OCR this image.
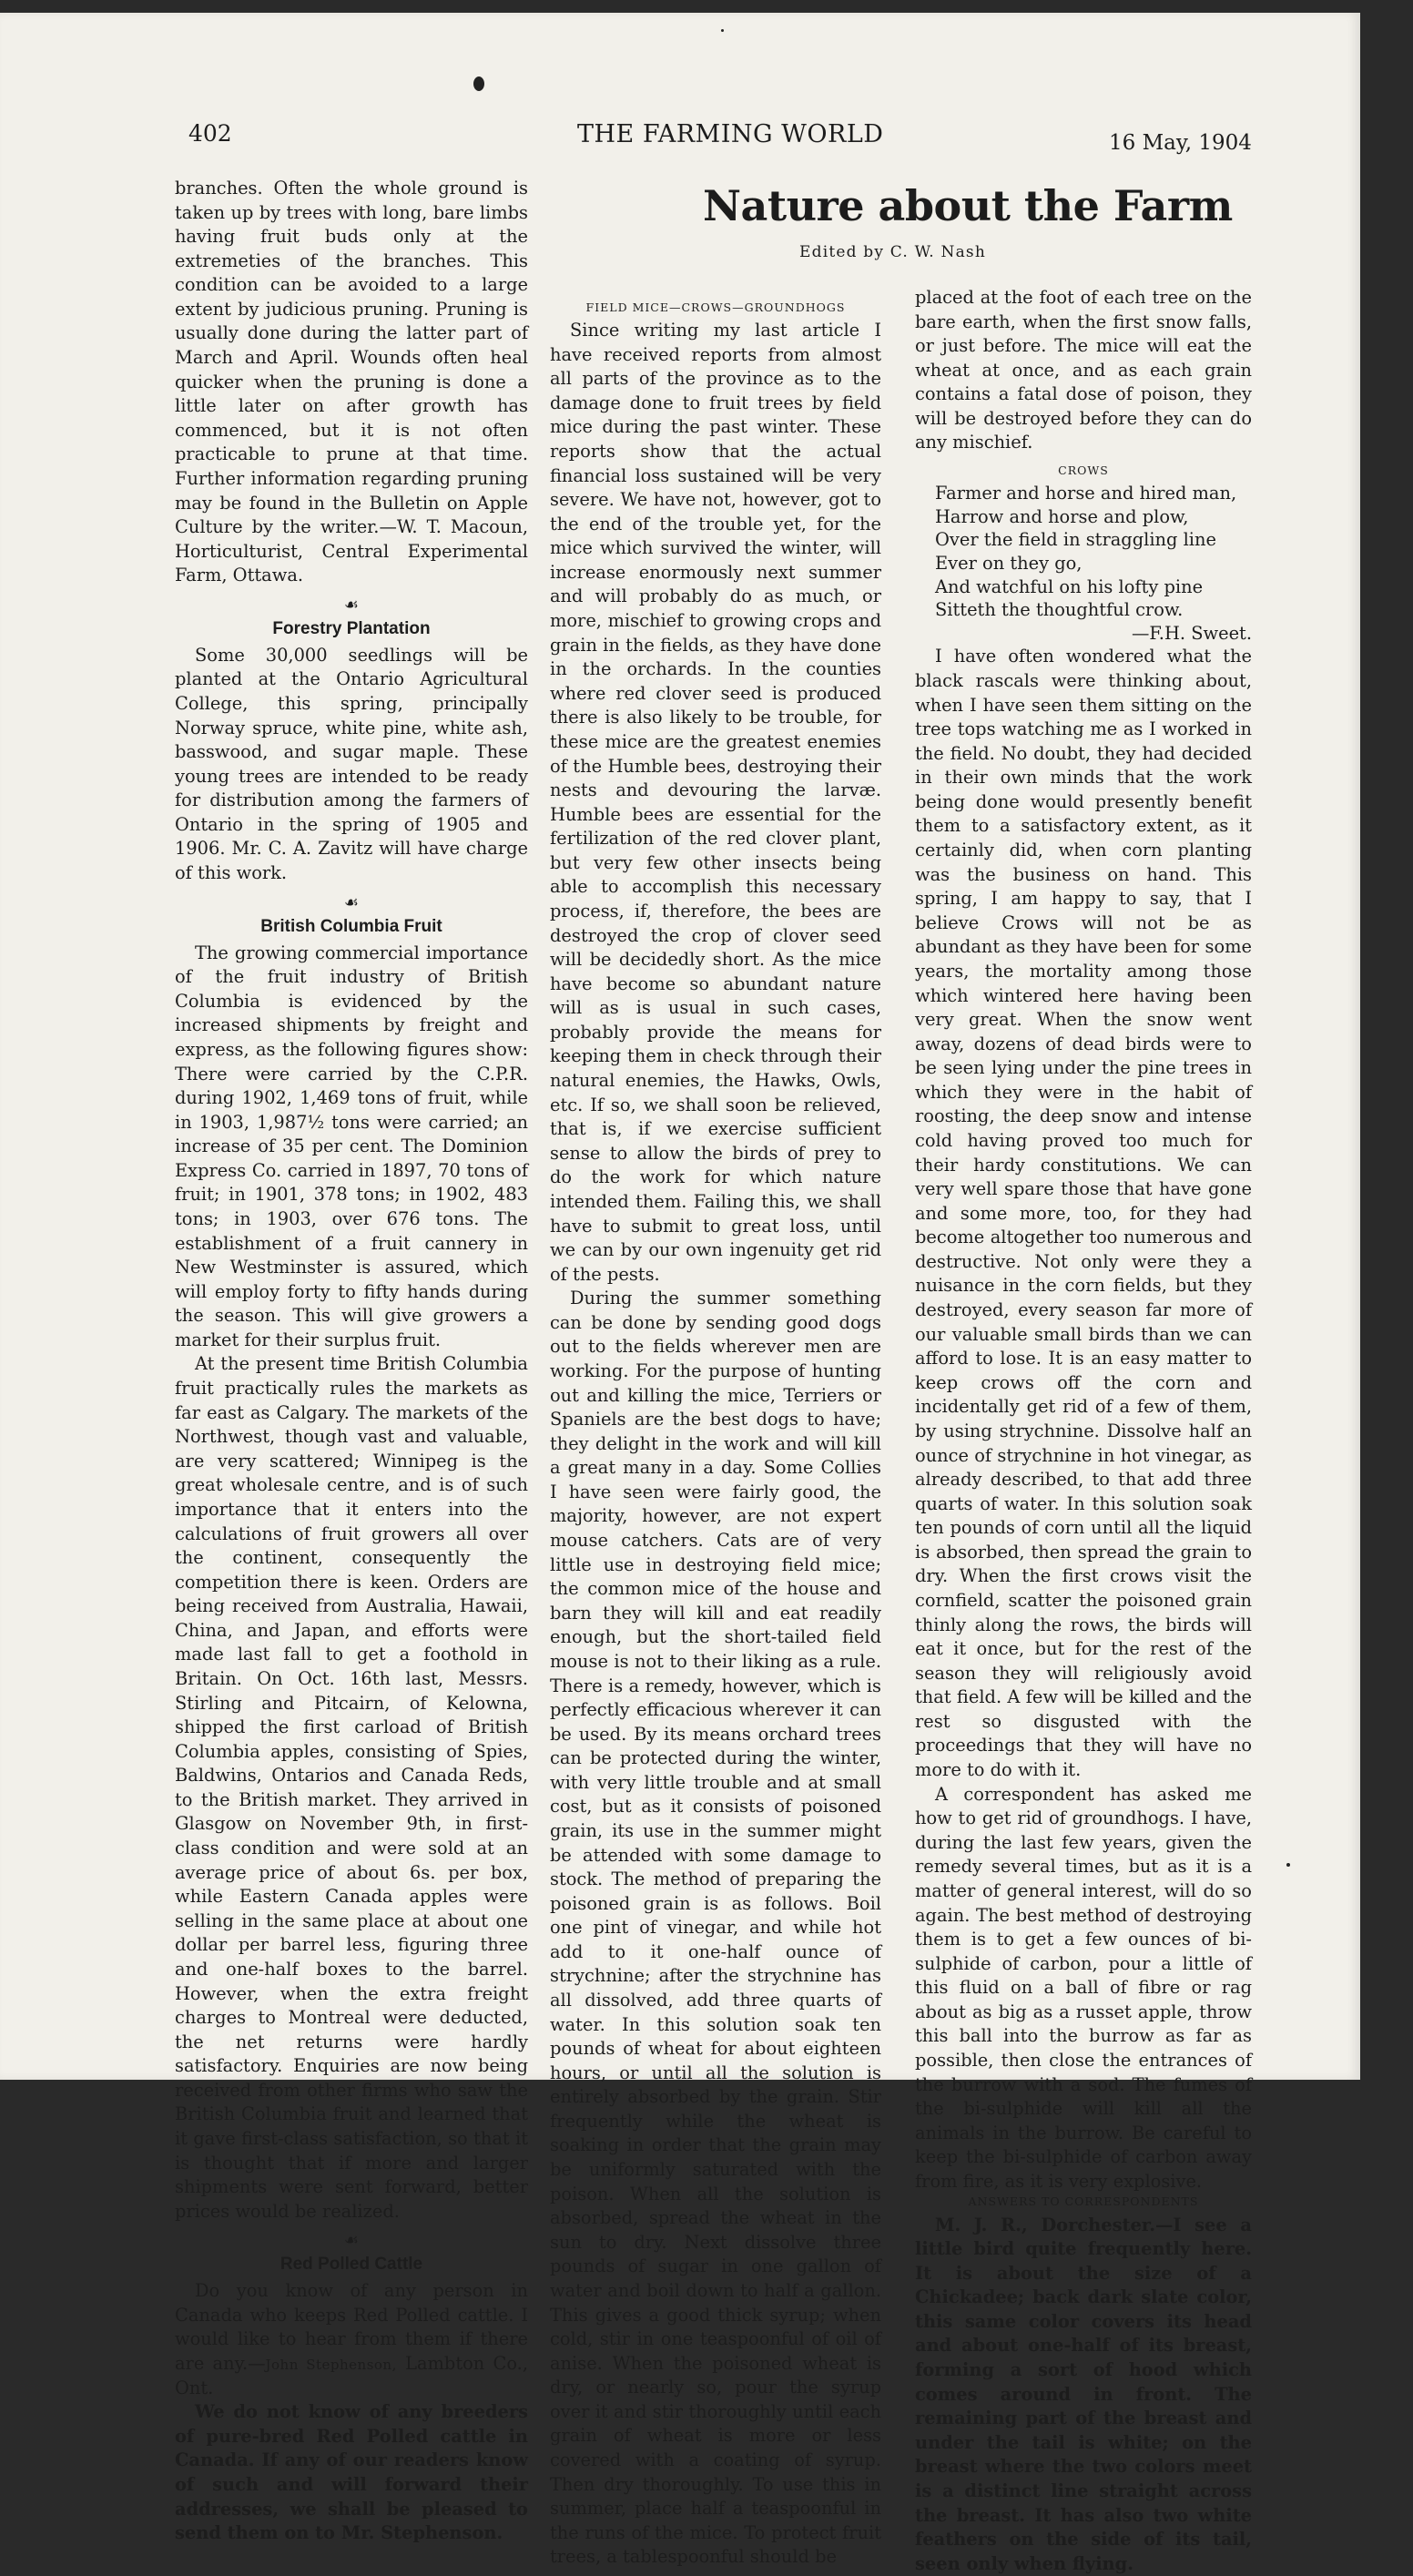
402	THE FARMING WORLD	16 May, 1904
Nature about the Farm
Edited by C. W. Nash

branches. Often the whole ground is taken up by trees with long, bare limbs having fruit buds only at the extremeties of the branches. This condition can be avoided to a large extent by judicious pruning. Pruning is usually done during the latter part of March and April. Wounds often heal quicker when the pruning is done a little later on after growth has commenced, but it is not often practicable to prune at that time. Further information regarding pruning may be found in the Bulletin on Apple Culture by the writer.—W. T. Macoun, Horticulturist, Central Experimental Farm, Ottawa.

☙
Forestry Plantation

Some 30,000 seedlings will be planted at the Ontario Agricultural College, this spring, principally Norway spruce, white pine, white ash, basswood, and sugar maple. These young trees are intended to be ready for distribution among the farmers of Ontario in the spring of 1905 and 1906. Mr. C. A. Zavitz will have charge of this work.

☙
British Columbia Fruit

The growing commercial importance of the fruit industry of British Columbia is evidenced by the increased shipments by freight and express, as the following figures show: There were carried by the C.P.R. during 1902, 1,469 tons of fruit, while in 1903, 1,987½ tons were carried; an increase of 35 per cent. The Dominion Express Co. carried in 1897, 70 tons of fruit; in 1901, 378 tons; in 1902, 483 tons; in 1903, over 676 tons. The establishment of a fruit cannery in New Westminster is assured, which will employ forty to fifty hands during the season. This will give growers a market for their surplus fruit.

At the present time British Columbia fruit practically rules the markets as far east as Calgary. The markets of the Northwest, though vast and valuable, are very scattered; Winnipeg is the great wholesale centre, and is of such importance that it enters into the calculations of fruit growers all over the continent, consequently the competition there is keen. Orders are being received from Australia, Hawaii, China, and Japan, and efforts were made last fall to get a foothold in Britain. On Oct. 16th last, Messrs. Stirling and Pitcairn, of Kelowna, shipped the first carload of British Columbia apples, consisting of Spies, Baldwins, Ontarios and Canada Reds, to the British market. They arrived in Glasgow on November 9th, in first-class condition and were sold at an average price of about 6s. per box, while Eastern Canada apples were selling in the same place at about one dollar per barrel less, figuring three and one-half boxes to the barrel. However, when the extra freight charges to Montreal were deducted, the net returns were hardly satisfactory. Enquiries are now being received from other firms who saw the British Columbia fruit and learned that it gave first-class satisfaction, so that it is thought that if more and larger shipments were sent forward, better prices would be realized.

☙
Red Polled Cattle

Do you know of any person in Canada who keeps Red Polled cattle. I would like to hear from them if there are any.—John Stephenson, Lambton Co., Ont.

We do not know of any breeders of pure-bred Red Polled cattle in Canada. If any of our readers know of such and will forward their addresses, we shall be pleased to send them on to Mr. Stephenson.

FIELD MICE—CROWS—GROUNDHOGS

Since writing my last article I have received reports from almost all parts of the province as to the damage done to fruit trees by field mice during the past winter. These reports show that the actual financial loss sustained will be very severe. We have not, however, got to the end of the trouble yet, for the mice which survived the winter, will increase enormously next summer and will probably do as much, or more, mischief to growing crops and grain in the fields, as they have done in the orchards. In the counties where red clover seed is produced there is also likely to be trouble, for these mice are the greatest enemies of the Humble bees, destroying their nests and devouring the larvæ. Humble bees are essential for the fertilization of the red clover plant, but very few other insects being able to accomplish this necessary process, if, therefore, the bees are destroyed the crop of clover seed will be decidedly short. As the mice have become so abundant nature will as is usual in such cases, probably provide the means for keeping them in check through their natural enemies, the Hawks, Owls, etc. If so, we shall soon be relieved, that is, if we exercise sufficient sense to allow the birds of prey to do the work for which nature intended them. Failing this, we shall have to submit to great loss, until we can by our own ingenuity get rid of the pests.

During the summer something can be done by sending good dogs out to the fields wherever men are working. For the purpose of hunting out and killing the mice, Terriers or Spaniels are the best dogs to have; they delight in the work and will kill a great many in a day. Some Collies I have seen were fairly good, the majority, however, are not expert mouse catchers. Cats are of very little use in destroying field mice; the common mice of the house and barn they will kill and eat readily enough, but the short-tailed field mouse is not to their liking as a rule. There is a remedy, however, which is perfectly efficacious wherever it can be used. By its means orchard trees can be protected during the winter, with very little trouble and at small cost, but as it consists of poisoned grain, its use in the summer might be attended with some damage to stock. The method of preparing the poisoned grain is as follows. Boil one pint of vinegar, and while hot add to it one-half ounce of strychnine; after the strychnine has all dissolved, add three quarts of water. In this solution soak ten pounds of wheat for about eighteen hours, or until all the solution is entirely absorbed by the grain. Stir frequently while the wheat is soaking in order that the grain may be uniformly saturated with the poison. When all the solution is absorbed, spread the wheat in the sun to dry. Next dissolve three pounds of sugar in one gallon of water and boil down to half a gallon. This gives a good thick syrup; when cold, stir in one teaspoonful of oil of anise. When the poisoned wheat is dry, or nearly so, pour the syrup over it and stir thoroughly until each grain of wheat is more or less covered with a coating of syrup. Then dry thoroughly. To use this in summer, place half a teaspoonful in the runs of the mice. To protect fruit trees, a tablespoonful should be

placed at the foot of each tree on the bare earth, when the first snow falls, or just before. The mice will eat the wheat at once, and as each grain contains a fatal dose of poison, they will be destroyed before they can do any mischief.

CROWS
Farmer and horse and hired man,
Harrow and horse and plow,
Over the field in straggling line
Ever on they go,
And watchful on his lofty pine
Sitteth the thoughtful crow.
—F.H. Sweet.

I have often wondered what the black rascals were thinking about, when I have seen them sitting on the tree tops watching me as I worked in the field. No doubt, they had decided in their own minds that the work being done would presently benefit them to a satisfactory extent, as it certainly did, when corn planting was the business on hand. This spring, I am happy to say, that I believe Crows will not be as abundant as they have been for some years, the mortality among those which wintered here having been very great. When the snow went away, dozens of dead birds were to be seen lying under the pine trees in which they were in the habit of roosting, the deep snow and intense cold having proved too much for their hardy constitutions. We can very well spare those that have gone and some more, too, for they had become altogether too numerous and destructive. Not only were they a nuisance in the corn fields, but they destroyed, every season far more of our valuable small birds than we can afford to lose. It is an easy matter to keep crows off the corn and incidentally get rid of a few of them, by using strychnine. Dissolve half an ounce of strychnine in hot vinegar, as already described, to that add three quarts of water. In this solution soak ten pounds of corn until all the liquid is absorbed, then spread the grain to dry. When the first crows visit the cornfield, scatter the poisoned grain thinly along the rows, the birds will eat it once, but for the rest of the season they will religiously avoid that field. A few will be killed and the rest so disgusted with the proceedings that they will have no more to do with it.

A correspondent has asked me how to get rid of groundhogs. I have, during the last few years, given the remedy several times, but as it is a matter of general interest, will do so again. The best method of destroying them is to get a few ounces of bi-sulphide of carbon, pour a little of this fluid on a ball of fibre or rag about as big as a russet apple, throw this ball into the burrow as far as possible, then close the entrances of the burrow with a sod. The fumes of the bi-sulphide will kill all the animals in the burrow. Be careful to keep the bi-sulphide of carbon away from fire, as it is very explosive.

ANSWERS TO CORRESPONDENTS

M. J. R., Dorchester.—I see a little bird quite frequently here. It is about the size of a Chickadee; back dark slate color, this same color covers its head and about one-half of its breast, forming a sort of hood which comes around in front. The remaining part of the breast and under the tail is white; on the breast where the two colors meet is a distinct line straight across the breast. It has also two white feathers on the side of its tail, seen only when flying.
